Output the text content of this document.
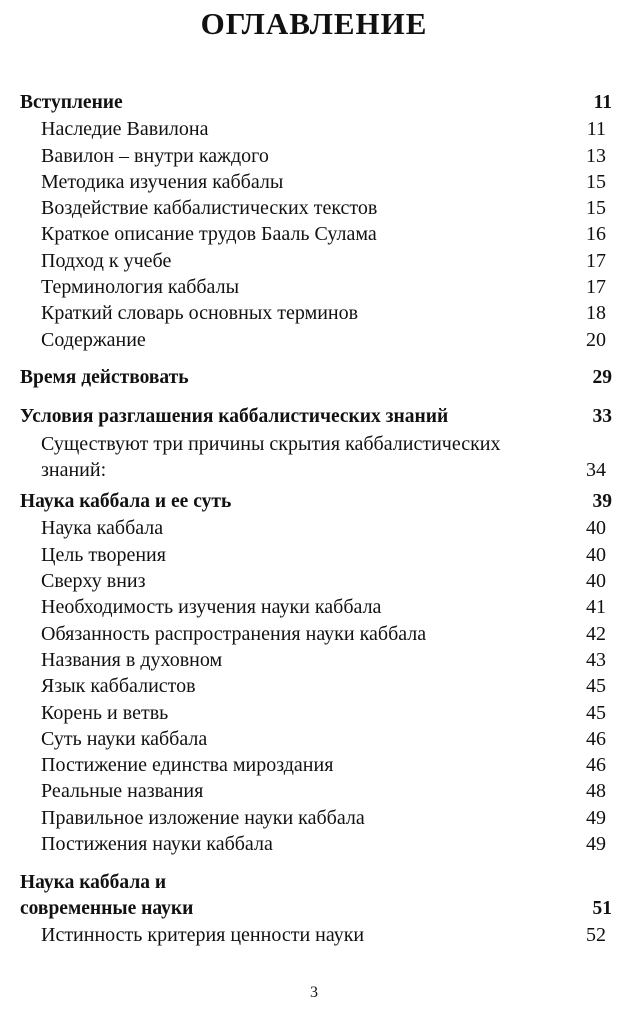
ОГЛАВЛЕНИЕ
Вступление	11
Наследие Вавилона	11
Вавилон – внутри каждого	13
Методика изучения каббалы	15
Воздействие каббалистических текстов	15
Краткое описание трудов Бааль Сулама	16
Подход к учебе	17
Терминология каббалы	17
Краткий словарь основных терминов	18
Содержание	20
Время действовать	29
Условия разглашения каббалистических знаний	33
Существуют три причины скрытия каббалистических
знаний:	34
Наука каббала и ее суть	39
Наука каббала	40
Цель творения	40
Сверху вниз	40
Необходимость изучения науки каббала	41
Обязанность распространения науки каббала	42
Названия в духовном	43
Язык каббалистов	45
Корень и ветвь	45
Суть науки каббала	46
Постижение единства мироздания	46
Реальные названия	48
Правильное изложение науки каббала	49
Постижения науки каббала	49
Наука каббала и
современные науки	51
Истинность критерия ценности науки	52
3
